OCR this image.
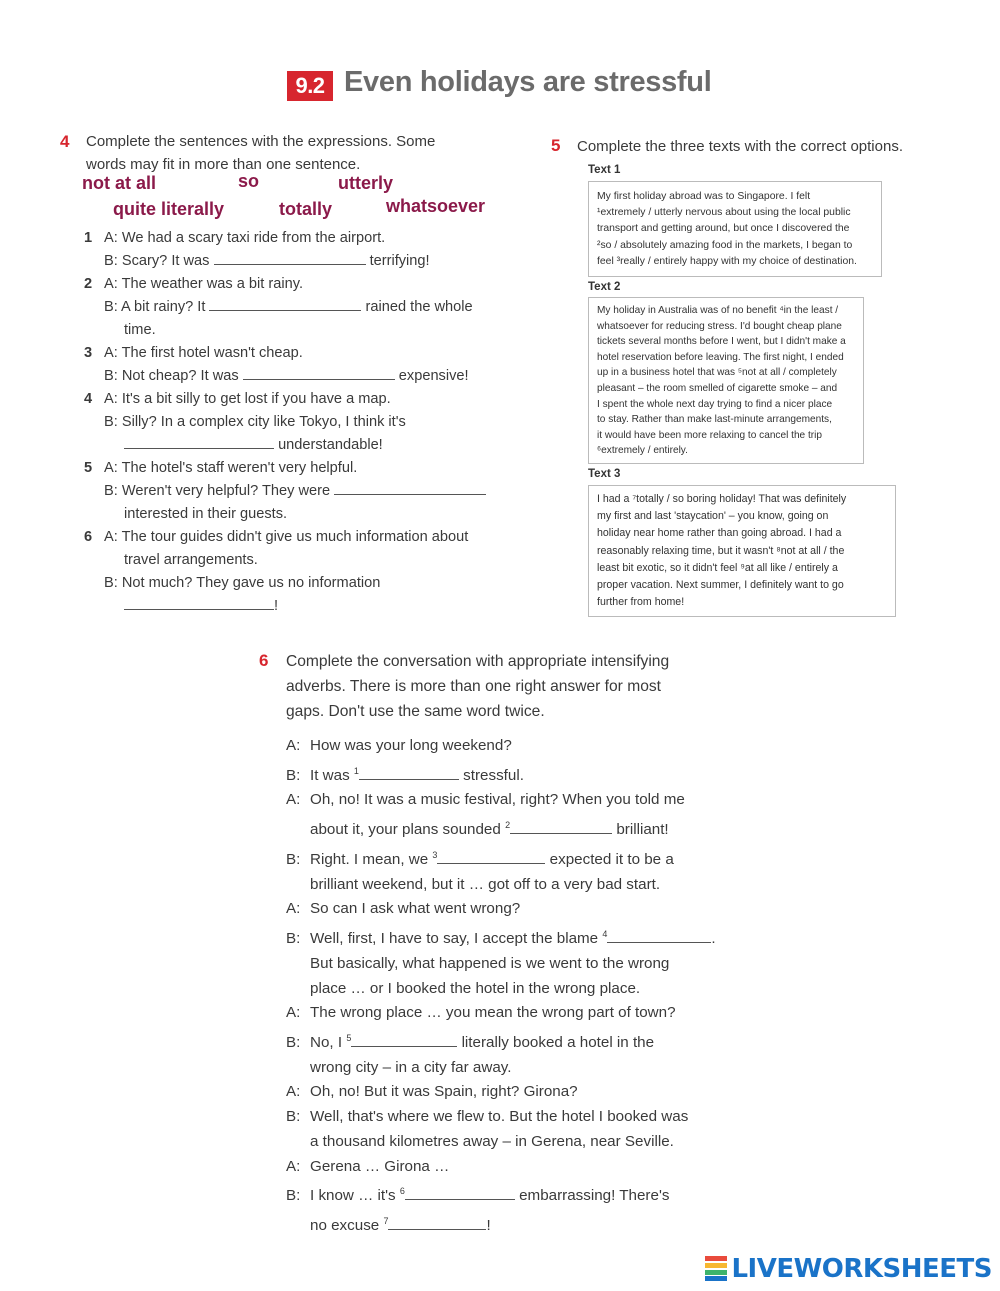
9.2 Even holidays are stressful
4 Complete the sentences with the expressions. Some
words may fit in more than one sentence.
not at all	so	utterly
quite literally	totally	whatsoever
1 A: We had a scary taxi ride from the airport.
B: Scary? It was	terrifying!
2 A: The weather was a bit rainy.
B: A bit rainy? It	rained the whole
time.
3 A: The first hotel wasn't cheap.
B: Not cheap? It was	expensive!
4 A: It's a bit silly to get lost if you have a map.
B: Silly? In a complex city like Tokyo, I think it's
understandable!
5 A: The hotel's staff weren't very helpful.
B: Weren't very helpful? They were
interested in their guests.
6 A: The tour guides didn't give us much information about
travel arrangements.
B: Not much? They gave us no information
!
5 Complete the three texts with the correct options.
Text 1
My first holiday abroad was to Singapore. I felt
¹extremely / utterly nervous about using the local public
transport and getting around, but once I discovered the
²so / absolutely amazing food in the markets, I began to
feel ³really / entirely happy with my choice of destination.
Text 2
My holiday in Australia was of no benefit ⁴in the least /
whatsoever for reducing stress. I'd bought cheap plane
tickets several months before I went, but I didn't make a
hotel reservation before leaving. The first night, I ended
up in a business hotel that was ⁵not at all / completely
pleasant – the room smelled of cigarette smoke – and
I spent the whole next day trying to find a nicer place
to stay. Rather than make last-minute arrangements,
it would have been more relaxing to cancel the trip
⁶extremely / entirely.
Text 3
I had a ⁷totally / so boring holiday! That was definitely
my first and last 'staycation' – you know, going on
holiday near home rather than going abroad. I had a
reasonably relaxing time, but it wasn't ⁸not at all / the
least bit exotic, so it didn't feel ⁹at all like / entirely a
proper vacation. Next summer, I definitely want to go
further from home!
6 Complete the conversation with appropriate intensifying
adverbs. There is more than one right answer for most
gaps. Don't use the same word twice.
A: How was your long weekend?
B: It was $^1$	stressful.
A: Oh, no! It was a music festival, right? When you told me
about it, your plans sounded $^2$	brilliant!
B: Right. I mean, we $^3$	expected it to be a
brilliant weekend, but it … got off to a very bad start.
A: So can I ask what went wrong?
B: Well, first, I have to say, I accept the blame $^4$	.
But basically, what happened is we went to the wrong
place … or I booked the hotel in the wrong place.
A: The wrong place … you mean the wrong part of town?
B: No, I $^5$	literally booked a hotel in the
wrong city – in a city far away.
A: Oh, no! But it was Spain, right? Girona?
B: Well, that's where we flew to. But the hotel I booked was
a thousand kilometres away – in Gerena, near Seville.
A: Gerena … Girona …
B: I know … it's $^6$	embarrassing! There's
no excuse $^7$	!
LIVEWORKSHEETS
